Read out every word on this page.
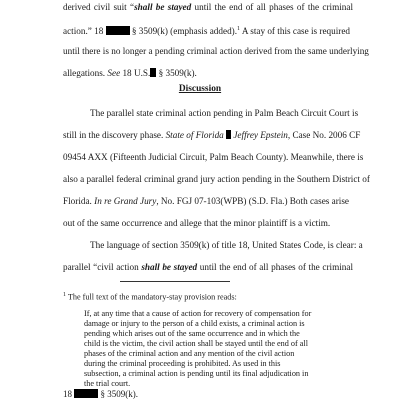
derived civil suit “shall be stayed until the end of all phases of the criminal
action.” 18	§ 3509(k) (emphasis added).$^1$ A stay of this case is required
until there is no longer a pending criminal action derived from the same underlying
allegations. See 18 U.S. § 3509(k).
Discussion
The parallel state criminal action pending in Palm Beach Circuit Court is
still in the discovery phase. State of Florida  Jeffrey Epstein, Case No. 2006 CF
09454 AXX (Fifteenth Judicial Circuit, Palm Beach County). Meanwhile, there is
also a parallel federal criminal grand jury action pending in the Southern District of
Florida. In re Grand Jury, No. FGJ 07-103(WPB) (S.D. Fla.) Both cases arise
out of the same occurrence and allege that the minor plaintiff is a victim.
The language of section 3509(k) of title 18, United States Code, is clear: a
parallel “civil action shall be stayed until the end of all phases of the criminal
$^1$ The full text of the mandatory-stay provision reads:
If, at any time that a cause of action for recovery of compensation for
damage or injury to the person of a child exists, a criminal action is
pending which arises out of the same occurrence and in which the
child is the victim, the civil action shall be stayed until the end of all
phases of the criminal action and any mention of the civil action
during the criminal proceeding is prohibited. As used in this
subsection, a criminal action is pending until its final adjudication in
the trial court.
18	§ 3509(k).
